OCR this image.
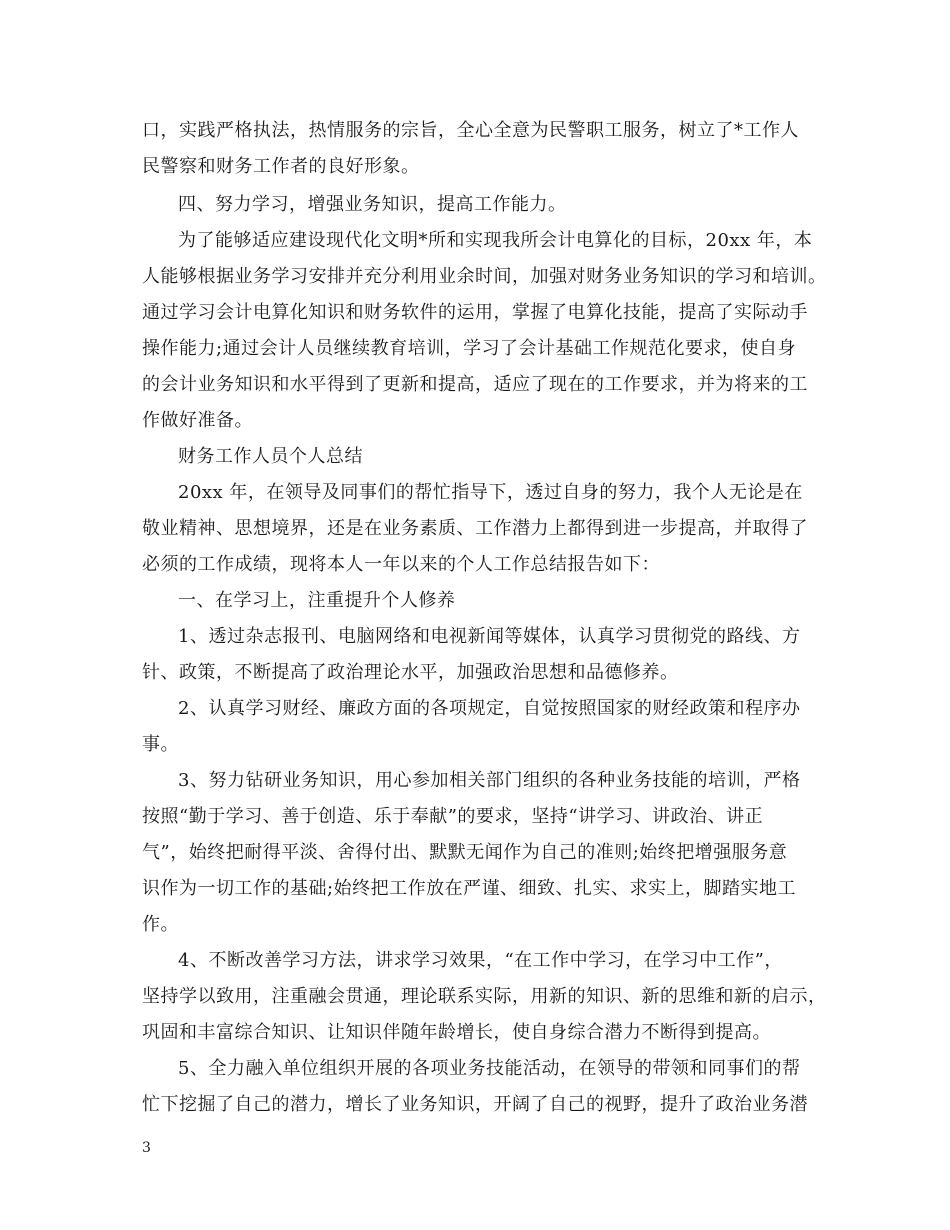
口，实践严格执法，热情服务的宗旨，全心全意为民警职工服务，树立了*工作人
民警察和财务工作者的良好形象。
四、努力学习，增强业务知识，提高工作能力。
为了能够适应建设现代化文明*所和实现我所会计电算化的目标，20xx 年，本
人能够根据业务学习安排并充分利用业余时间，加强对财务业务知识的学习和培训。
通过学习会计电算化知识和财务软件的运用，掌握了电算化技能，提高了实际动手
操作能力;通过会计人员继续教育培训，学习了会计基础工作规范化要求，使自身
的会计业务知识和水平得到了更新和提高，适应了现在的工作要求，并为将来的工
作做好准备。
财务工作人员个人总结
20xx 年，在领导及同事们的帮忙指导下，透过自身的努力，我个人无论是在
敬业精神、思想境界，还是在业务素质、工作潜力上都得到进一步提高，并取得了
必须的工作成绩，现将本人一年以来的个人工作总结报告如下：
一、在学习上，注重提升个人修养
1、透过杂志报刊、电脑网络和电视新闻等媒体，认真学习贯彻党的路线、方
针、政策，不断提高了政治理论水平，加强政治思想和品德修养。
2、认真学习财经、廉政方面的各项规定，自觉按照国家的财经政策和程序办
事。
3、努力钻研业务知识，用心参加相关部门组织的各种业务技能的培训，严格
按照“勤于学习、善于创造、乐于奉献”的要求，坚持“讲学习、讲政治、讲正
气”，始终把耐得平淡、舍得付出、默默无闻作为自己的准则;始终把增强服务意
识作为一切工作的基础;始终把工作放在严谨、细致、扎实、求实上，脚踏实地工
作。
4、不断改善学习方法，讲求学习效果，“在工作中学习，在学习中工作”，
坚持学以致用，注重融会贯通，理论联系实际，用新的知识、新的思维和新的启示，
巩固和丰富综合知识、让知识伴随年龄增长，使自身综合潜力不断得到提高。
5、全力融入单位组织开展的各项业务技能活动，在领导的带领和同事们的帮
忙下挖掘了自己的潜力，增长了业务知识，开阔了自己的视野，提升了政治业务潜
3
